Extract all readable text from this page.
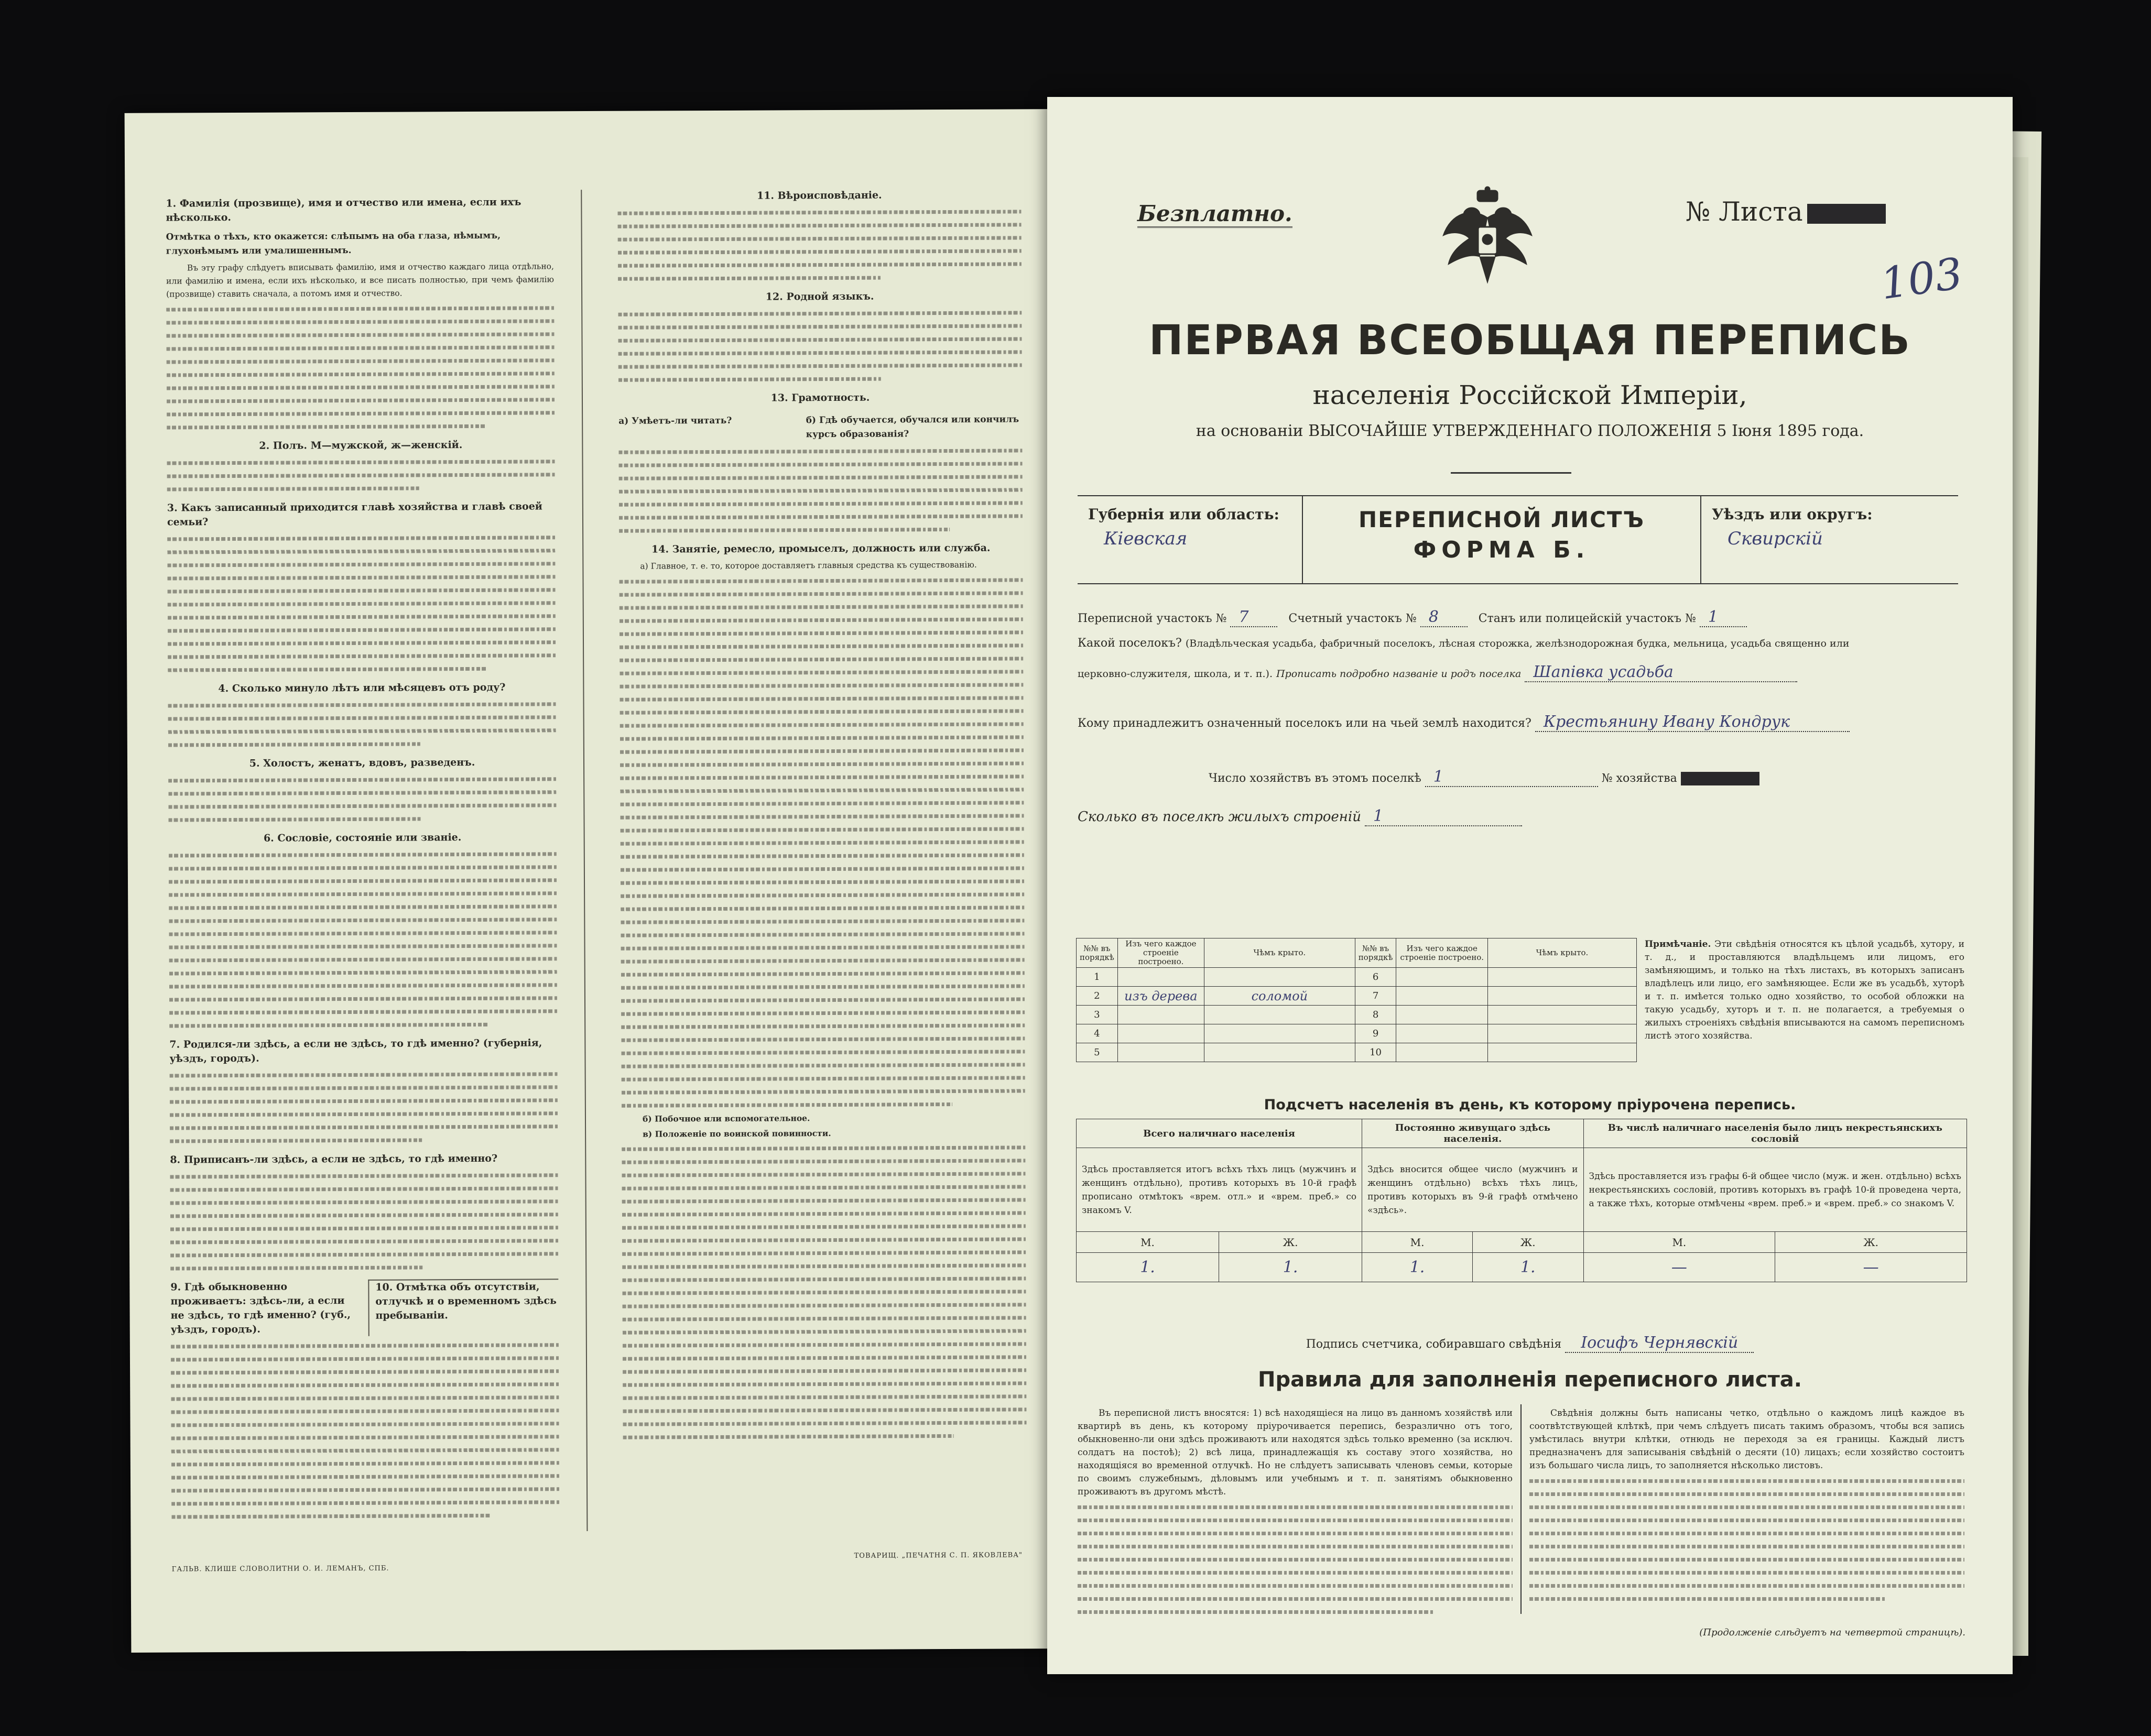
1. Фамилія (прозвище), имя и отчество или имена, если ихъ нѣсколько.
Отмѣтка о тѣхъ, кто окажется: слѣпымъ на оба глаза, нѣмымъ, глухонѣмымъ или умалишеннымъ.
Въ эту графу слѣдуетъ вписывать фамилію, имя и отчество каждаго лица отдѣльно, или фамилію и имена, если ихъ нѣсколько, и все писать полностью, при чемъ фамилію (прозвище) ставить сначала, а потомъ имя и отчество.
2. Полъ. М—мужской, ж—женскій.
3. Какъ записанный приходится главѣ хозяйства и главѣ своей семьи?
4. Сколько минуло лѣтъ или мѣсяцевъ отъ роду?
5. Холостъ, женатъ, вдовъ, разведенъ.
6. Сословіе, состояніе или званіе.
7. Родился-ли здѣсь, а если не здѣсь, то гдѣ именно? (губернія, уѣздъ, городъ).
8. Приписанъ-ли здѣсь, а если не здѣсь, то гдѣ именно?
9. Гдѣ обыкновенно проживаетъ: здѣсь-ли, а если не здѣсь, то гдѣ именно? (губ., уѣздъ, городъ).
10. Отмѣтка объ отсутствіи, отлучкѣ и о временномъ здѣсь пребываніи.
11. Вѣроисповѣданіе.
12. Родной языкъ.
13. Грамотность.
а) Умѣетъ-ли читать?	б) Гдѣ обучается, обучался или кончилъ курсъ образованія?
14. Занятіе, ремесло, промыселъ, должность или служба.
а) Главное, т. е. то, которое доставляетъ главныя средства къ существованію.
б) Побочное или вспомогательное.
в) Положеніе по воинской повинности.
ГАЛЬВ. КЛИШЕ СЛОВОЛИТНИ О. И. ЛЕМАНЪ, СПБ.
ТОВАРИЩ. „ПЕЧАТНЯ С. П. ЯКОВЛЕВА"
Безплатно.	№ Листа
103
ПЕРВАЯ ВСЕОБЩАЯ ПЕРЕПИСЬ
населенія Россійской Имперіи,
на основаніи ВЫСОЧАЙШЕ УТВЕРЖДЕННАГО ПОЛОЖЕНІЯ 5 Іюня 1895 года.
Губернія или область:
Кіевская
ПЕРЕПИСНОЙ ЛИСТЪ
ФОРМА Б.
Уѣздъ или округъ:
Сквирскій
Переписной участокъ № 7	Счетный участокъ № 8	Станъ или полицейскій участокъ № 1
Какой поселокъ? (Владѣльческая усадьба, фабричный поселокъ, лѣсная сторожка, желѣзнодорожная будка, мельница, усадьба священно или
церковно-служителя, школа, и т. п.). Прописать подробно названіе и родъ поселка Шапівка усадьба
Кому принадлежитъ означенный поселокъ или на чьей землѣ находится? Крестьянину Ивану Кондрук
Число хозяйствъ въ этомъ поселкѣ 1	№ хозяйства
Сколько въ поселкѣ жилыхъ строеній 1
№№ въ порядкѣ	Изъ чего каждое строеніе построено.	Чѣмъ крыто.	№№ въ порядкѣ	Изъ чего каждое строеніе построено.	Чѣмъ крыто.
1			6		
2	изъ дерева	соломой	7		
3			8		
4			9		
5			10		
Примѣчаніе. Эти свѣдѣнія относятся къ цѣлой усадьбѣ, хутору, и т. д., и проставляются владѣльцемъ или лицомъ, его замѣняющимъ, и только на тѣхъ листахъ, въ которыхъ записанъ владѣлецъ или лицо, его замѣняющее. Если же въ усадьбѣ, хуторѣ и т. п. имѣется только одно хозяйство, то особой обложки на такую усадьбу, хуторъ и т. п. не полагается, а требуемыя о жилыхъ строеніяхъ свѣдѣнія вписываются на самомъ переписномъ листѣ этого хозяйства.
Подсчетъ населенія въ день, къ которому пріурочена перепись.
Всего наличнаго населенія		Постоянно живущаго здѣсь населенія.		Въ числѣ наличнаго населенія было лицъ некрестьянскихъ сословій	
Здѣсь проставляется итогъ всѣхъ тѣхъ лицъ (мужчинъ и женщинъ отдѣльно), противъ которыхъ въ 10-й графѣ прописано отмѣтокъ «врем. отл.» и «врем. преб.» со знакомъ V.		Здѣсь вносится общее число (мужчинъ и женщинъ отдѣльно) всѣхъ тѣхъ лицъ, противъ которыхъ въ 9-й графѣ отмѣчено «здѣсь».		Здѣсь проставляется изъ графы 6-й общее число (муж. и жен. отдѣльно) всѣхъ некрестьянскихъ сословій, противъ которыхъ въ графѣ 10-й проведена черта, а также тѣхъ, которые отмѣчены «врем. преб.» и «врем. преб.» со знакомъ V.	
М.	Ж.	М.	Ж.	М.	Ж.
1.	1.	1.	1.	—	—
Подпись счетчика, собиравшаго свѣдѣнія Іосифъ Чернявскій
Правила для заполненія переписного листа.
Въ переписной листъ вносятся: 1) всѣ находящіеся на лицо въ данномъ хозяйствѣ или квартирѣ въ день, къ которому пріурочивается перепись, безразлично отъ того, обыкновенно-ли они здѣсь проживаютъ или находятся здѣсь только временно (за исключ. солдатъ на постоѣ); 2) всѣ лица, принадлежащія къ составу этого хозяйства, но находящіяся во временной отлучкѣ. Но не слѣдуетъ записывать членовъ семьи, которые по своимъ служебнымъ, дѣловымъ или учебнымъ и т. п. занятіямъ обыкновенно проживаютъ въ другомъ мѣстѣ.
Свѣдѣнія должны быть написаны четко, отдѣльно о каждомъ лицѣ каждое въ соотвѣтствующей клѣткѣ, при чемъ слѣдуетъ писать такимъ образомъ, чтобы вся запись умѣстилась внутри клѣтки, отнюдь не переходя за ея границы. Каждый листъ предназначенъ для записыванія свѣдѣній о десяти (10) лицахъ; если хозяйство состоитъ изъ большаго числа лицъ, то заполняется нѣсколько листовъ.
(Продолженіе слѣдуетъ на четвертой страницѣ).
